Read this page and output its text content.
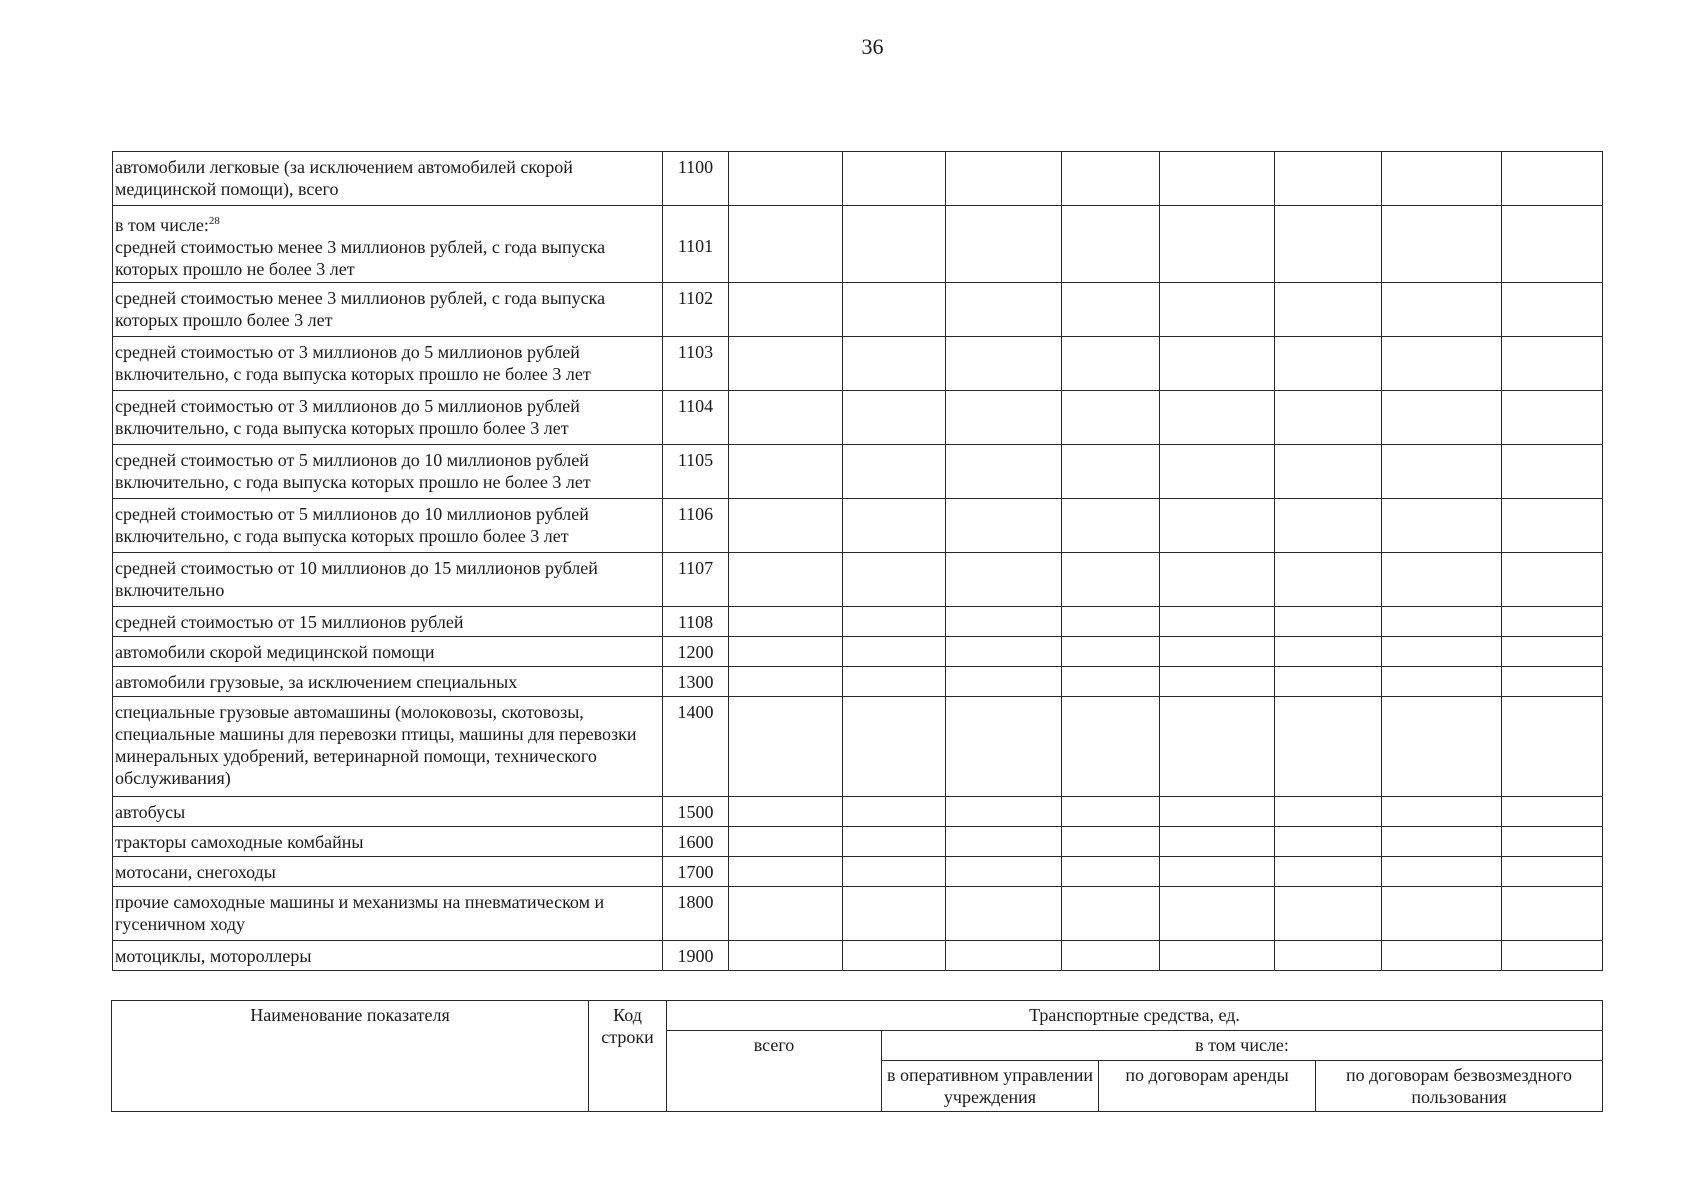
36
автомобили легковые (за исключением автомобилей скорой медицинской помощи), всего	1100								
в том числе:$^{28}$
средней стоимостью менее 3 миллионов рублей, с года выпуска которых прошло не более 3 лет	1101								
средней стоимостью менее 3 миллионов рублей, с года выпуска которых прошло более 3 лет	1102								
средней стоимостью от 3 миллионов до 5 миллионов рублей включительно, с года выпуска которых прошло не более 3 лет	1103								
средней стоимостью от 3 миллионов до 5 миллионов рублей включительно, с года выпуска которых прошло более 3 лет	1104								
средней стоимостью от 5 миллионов до 10 миллионов рублей включительно, с года выпуска которых прошло не более 3 лет	1105								
средней стоимостью от 5 миллионов до 10 миллионов рублей включительно, с года выпуска которых прошло более 3 лет	1106								
средней стоимостью от 10 миллионов до 15 миллионов рублей включительно	1107								
средней стоимостью от 15 миллионов рублей	1108								
автомобили скорой медицинской помощи	1200								
автомобили грузовые, за исключением специальных	1300								
специальные грузовые автомашины (молоковозы, скотовозы, специальные машины для перевозки птицы, машины для перевозки минеральных удобрений, ветеринарной помощи, технического обслуживания)	1400								
автобусы	1500								
тракторы самоходные комбайны	1600								
мотосани, снегоходы	1700								
прочие самоходные машины и механизмы на пневматическом и гусеничном ходу	1800								
мотоциклы, мотороллеры	1900								
Наименование показателя	Код строки	Транспортные средства, ед.			
		всего	в том числе:		
			в оперативном управлении учреждения	по договорам аренды	по договорам безвозмездного пользования
